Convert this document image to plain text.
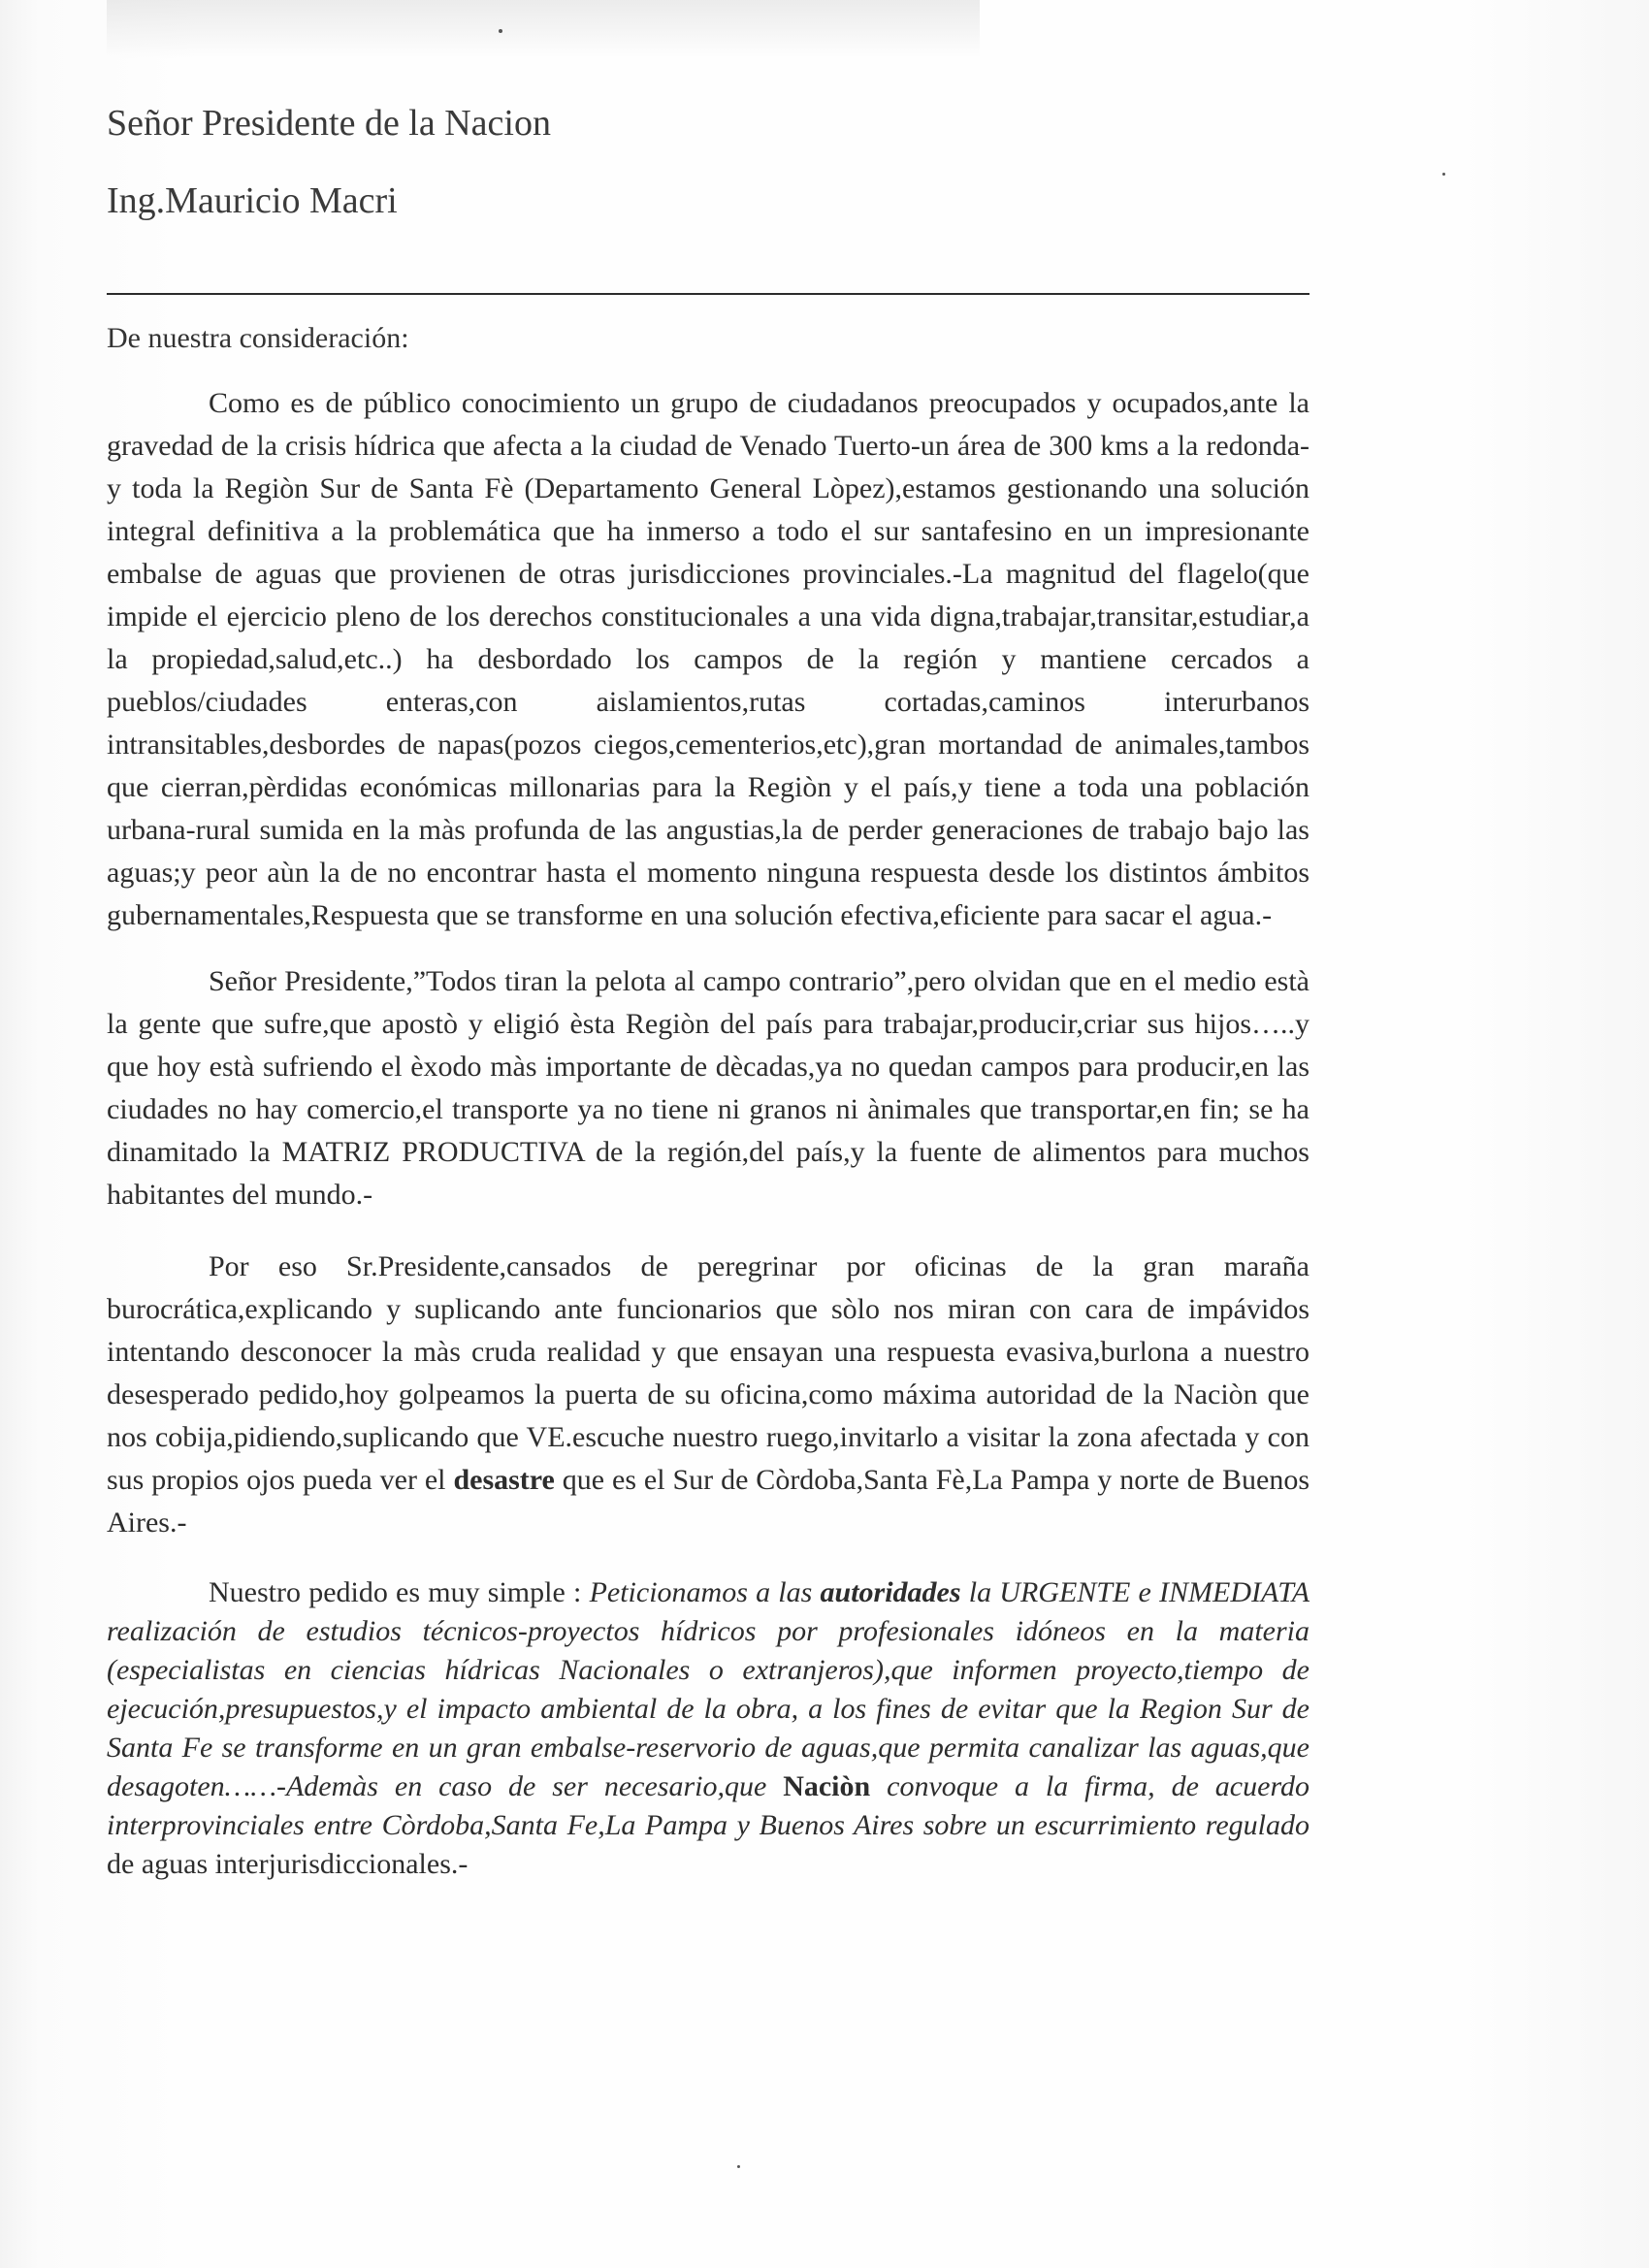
Señor Presidente de la Nacion

Ing.Mauricio Macri

De nuestra consideración:

Como es de público conocimiento un grupo de ciudadanos preocupados y ocupados,ante la gravedad de la crisis hídrica que afecta a la ciudad de Venado Tuerto-un área de 300 kms a la redonda- y toda la Regiòn Sur de Santa Fè (Departamento General Lòpez),estamos gestionando una solución integral definitiva a la problemática que ha inmerso a todo el sur santafesino en un impresionante embalse de aguas que provienen de otras jurisdicciones provinciales.-La magnitud del flagelo(que impide el ejercicio pleno de los derechos constitucionales a una vida digna,trabajar,transitar,estudiar,a la propiedad,salud,etc..) ha desbordado los campos de la región y mantiene cercados a pueblos/ciudades enteras,con aislamientos,rutas cortadas,caminos interurbanos intransitables,desbordes de napas(pozos ciegos,cementerios,etc),gran mortandad de animales,tambos que cierran,pèrdidas económicas millonarias para la Regiòn y el país,y tiene a toda una población urbana-rural sumida en la màs profunda de las angustias,la de perder generaciones de trabajo bajo las aguas;y peor aùn la de no encontrar hasta el momento ninguna respuesta desde los distintos ámbitos gubernamentales,Respuesta que se transforme en una solución efectiva,eficiente para sacar el agua.-

Señor Presidente,”Todos tiran la pelota al campo contrario”,pero olvidan que en el medio està la gente que sufre,que apostò y eligió èsta Regiòn del país para trabajar,producir,criar sus hijos…..y que hoy està sufriendo el èxodo màs importante de dècadas,ya no quedan campos para producir,en las ciudades no hay comercio,el transporte ya no tiene ni granos ni ànimales que transportar,en fin; se ha dinamitado la MATRIZ PRODUCTIVA de la región,del país,y la fuente de alimentos para muchos habitantes del mundo.-

Por eso Sr.Presidente,cansados de peregrinar por oficinas de la gran maraña burocrática,explicando y suplicando ante funcionarios que sòlo nos miran con cara de impávidos intentando desconocer la màs cruda realidad y que ensayan una respuesta evasiva,burlona a nuestro desesperado pedido,hoy golpeamos la puerta de su oficina,como máxima autoridad de la Naciòn que nos cobija,pidiendo,suplicando que VE.escuche nuestro ruego,invitarlo a visitar la zona afectada y con sus propios ojos pueda ver el desastre que es el Sur de Còrdoba,Santa Fè,La Pampa y norte de Buenos Aires.-

Nuestro pedido es muy simple : Peticionamos a las autoridades la URGENTE e INMEDIATA realización de estudios técnicos-proyectos hídricos por profesionales idóneos en la materia (especialistas en ciencias hídricas Nacionales o extranjeros),que informen proyecto,tiempo de ejecución,presupuestos,y el impacto ambiental de la obra, a los fines de evitar que la Region Sur de Santa Fe se transforme en un gran embalse-reservorio de aguas,que permita canalizar las aguas,que desagoten……-Ademàs en caso de ser necesario,que Naciòn convoque a la firma, de acuerdo interprovinciales entre Còrdoba,Santa Fe,La Pampa y Buenos Aires sobre un escurrimiento regulado de aguas interjurisdiccionales.-
